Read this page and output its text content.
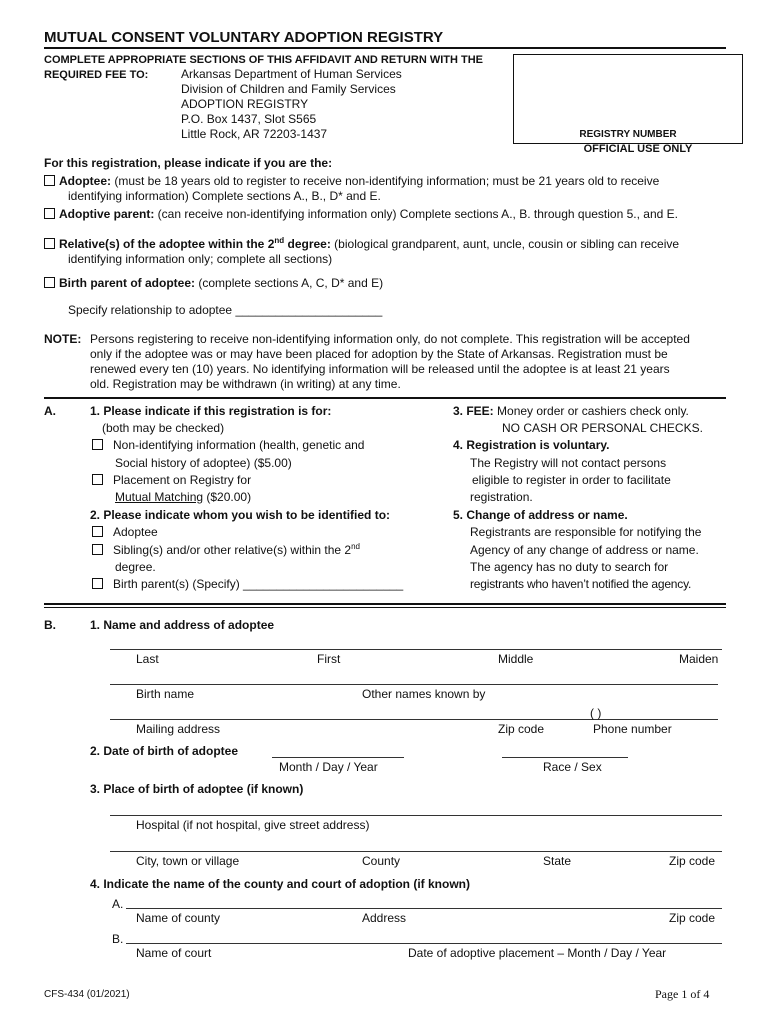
MUTUAL CONSENT VOLUNTARY ADOPTION REGISTRY
COMPLETE APPROPRIATE SECTIONS OF THIS AFFIDAVIT AND RETURN WITH THE
REQUIRED FEE TO:	Arkansas Department of Human Services
Division of Children and Family Services
ADOPTION REGISTRY
P.O. Box 1437, Slot S565
Little Rock, AR 72203-1437	REGISTRY NUMBER
OFFICIAL USE ONLY
For this registration, please indicate if you are the:
Adoptee: (must be 18 years old to register to receive non-identifying information; must be 21 years old to receive
identifying information) Complete sections A., B., D* and E.
Adoptive parent: (can receive non-identifying information only) Complete sections A., B. through question 5., and E.
Relative(s) of the adoptee within the 2nd degree: (biological grandparent, aunt, uncle, cousin or sibling can receive
identifying information only; complete all sections)
Birth parent of adoptee: (complete sections A, C, D* and E)
Specify relationship to adoptee ______________________
NOTE: Persons registering to receive non-identifying information only, do not complete. This registration will be accepted
only if the adoptee was or may have been placed for adoption by the State of Arkansas. Registration must be
renewed every ten (10) years. No identifying information will be released until the adoptee is at least 21 years
old. Registration may be withdrawn (in writing) at any time.
A.	1. Please indicate if this registration is for:
(both may be checked)
Non-identifying information (health, genetic and
Social history of adoptee) ($5.00)
Placement on Registry for
Mutual Matching ($20.00)
2. Please indicate whom you wish to be identified to:
Adoptee
Sibling(s) and/or other relative(s) within the 2nd
degree.
Birth parent(s) (Specify) ________________________
3. FEE: Money order or cashiers check only.
NO CASH OR PERSONAL CHECKS.
4. Registration is voluntary.
The Registry will not contact persons
eligible to register in order to facilitate
registration.
5. Change of address or name.
Registrants are responsible for notifying the
Agency of any change of address or name.
The agency has no duty to search for
registrants who haven’t notified the agency.
B.	1. Name and address of adoptee
Last	First	Middle	Maiden
Birth name	Other names known by
( )
Mailing address	Zip code	Phone number
2. Date of birth of adoptee
Month / Day / Year	Race / Sex
3. Place of birth of adoptee (if known)
Hospital (if not hospital, give street address)
City, town or village	County	State	Zip code
4. Indicate the name of the county and court of adoption (if known)
A.
Name of county	Address	Zip code
B.
Name of court	Date of adoptive placement – Month / Day / Year
CFS-434 (01/2021)	Page 1 of 4
